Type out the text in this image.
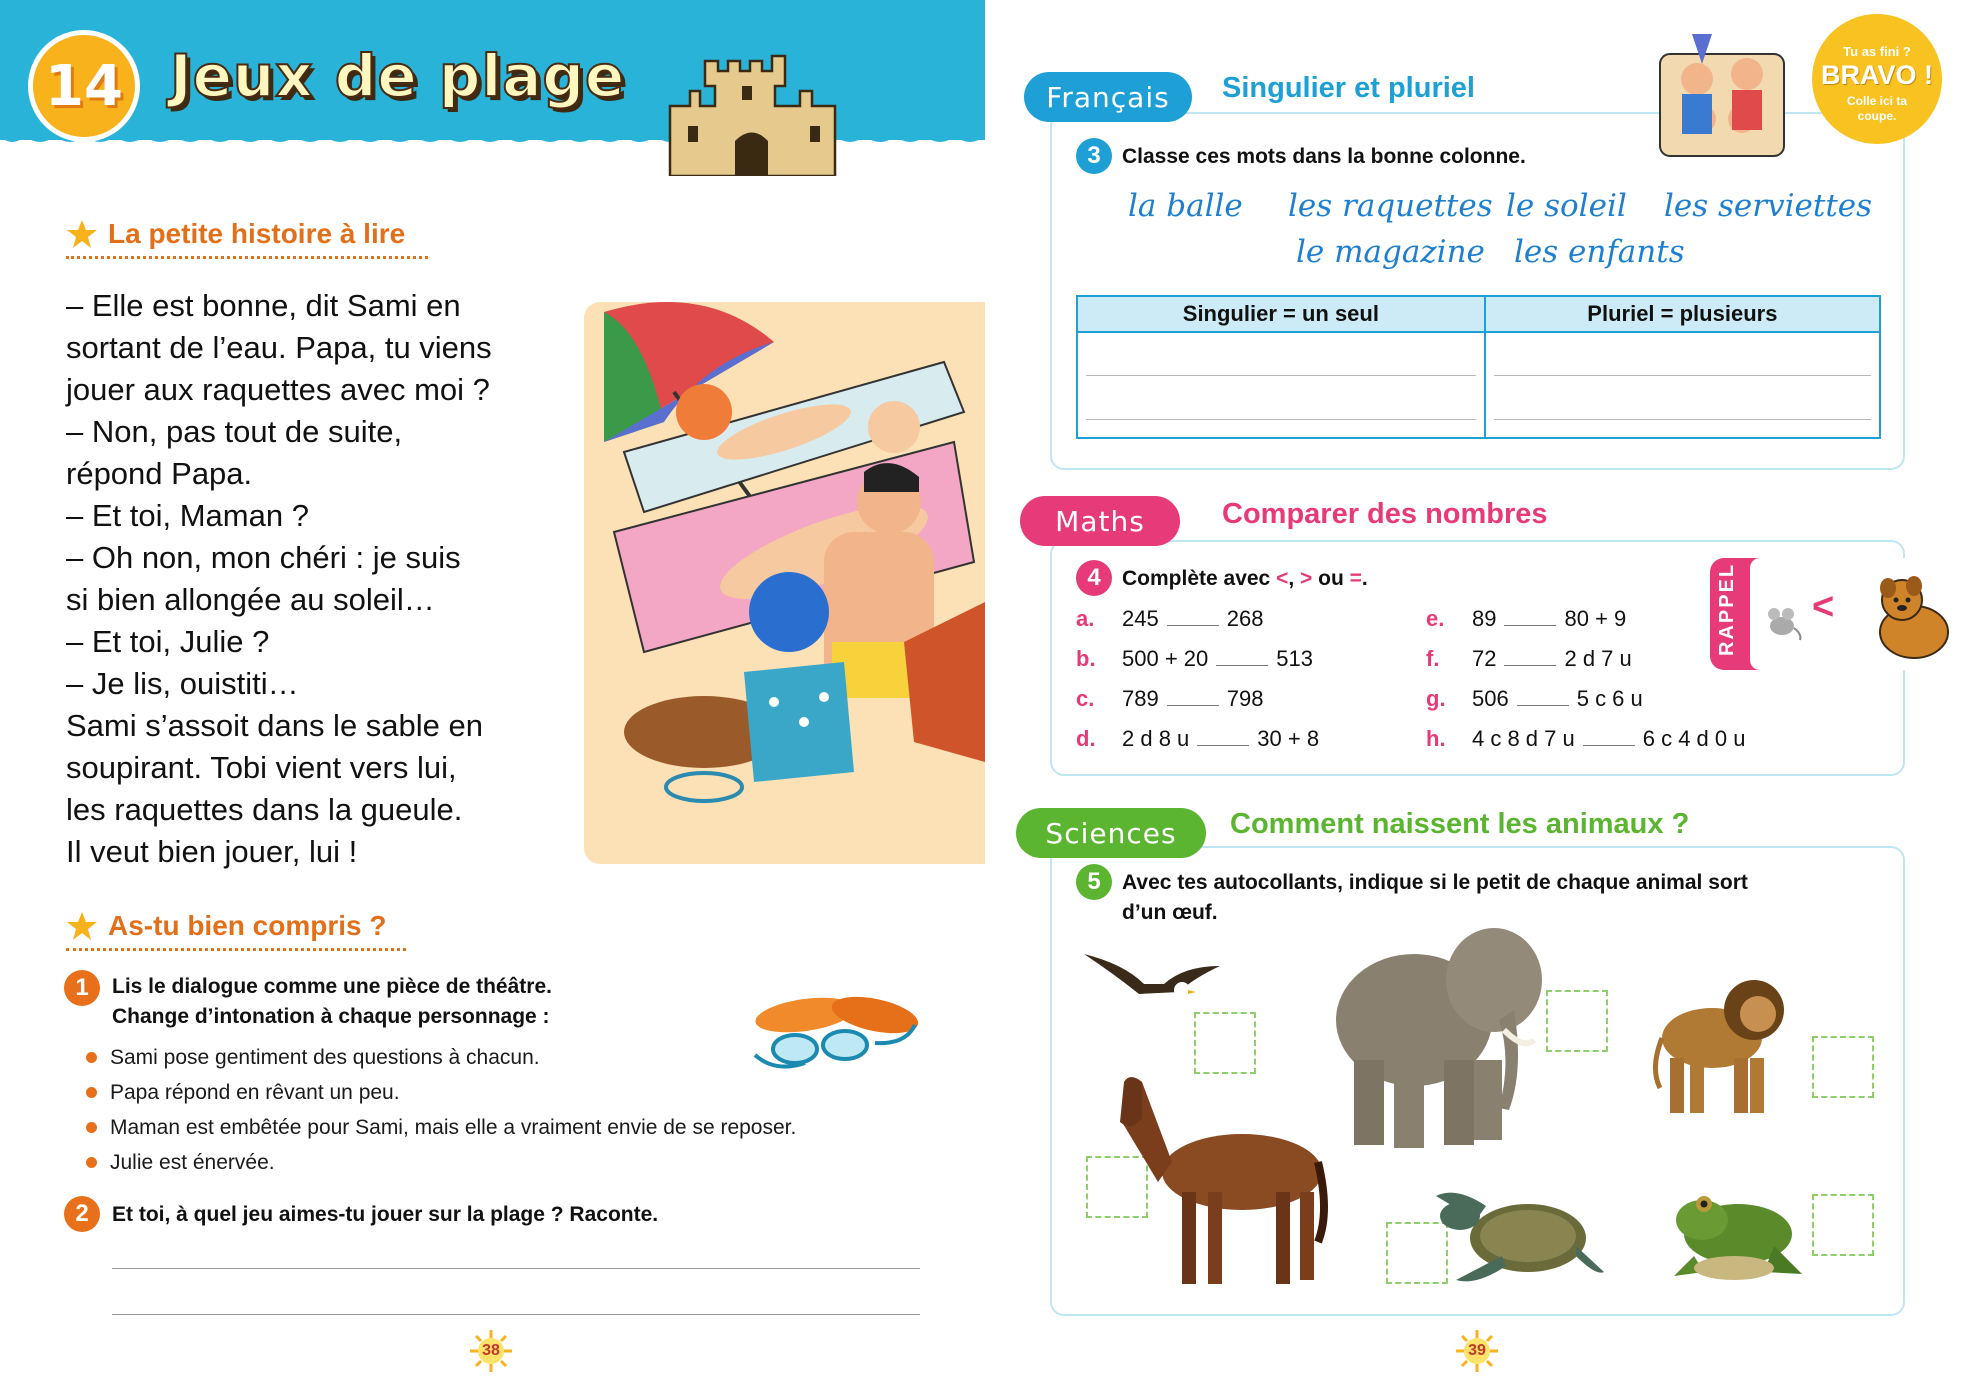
14 Jeux de plage
La petite histoire à lire

– Elle est bonne, dit Sami en

sortant de l’eau. Papa, tu viens

jouer aux raquettes avec moi ?

– Non, pas tout de suite,

répond Papa.

– Et toi, Maman ?

– Oh non, mon chéri : je suis

si bien allongée au soleil…

– Et toi, Julie ?

– Je lis, ouistiti…

Sami s’assoit dans le sable en

soupirant. Tobi vient vers lui,

les raquettes dans la gueule.

Il veut bien jouer, lui !

As-tu bien compris ?
1	Lis le dialogue comme une pièce de théâtre.
Change d’intonation à chaque personnage :
Sami pose gentiment des questions à chacun.
Papa répond en rêvant un peu.
Maman est embêtée pour Sami, mais elle a vraiment envie de se reposer.
Julie est énervée.
2	Et toi, à quel jeu aimes-tu jouer sur la plage ? Raconte.
38
Français	Singulier et pluriel
Tu as fini ?
BRAVO !
Colle ici ta coupe.
3	Classe ces mots dans la bonne colonne.
la balle les raquettes le soleil les serviettes
le magazine les enfants
Singulier = un seul	Pluriel = plusieurs

Maths	Comparer des nombres
4	Complète avec <, > ou =.
a.	245	268
b.	500 + 20	513
c.	789	798
d.	2 d 8 u	30 + 8
e.	89	80 + 9
f.	72	2 d 7 u
g.	506	5 c 6 u
h.	4 c 8 d 7 u	6 c 4 d 0 u
RAPPEL <
Sciences	Comment naissent les animaux ?
5	Avec tes autocollants, indique si le petit de chaque animal sort
d’un œuf.
39
